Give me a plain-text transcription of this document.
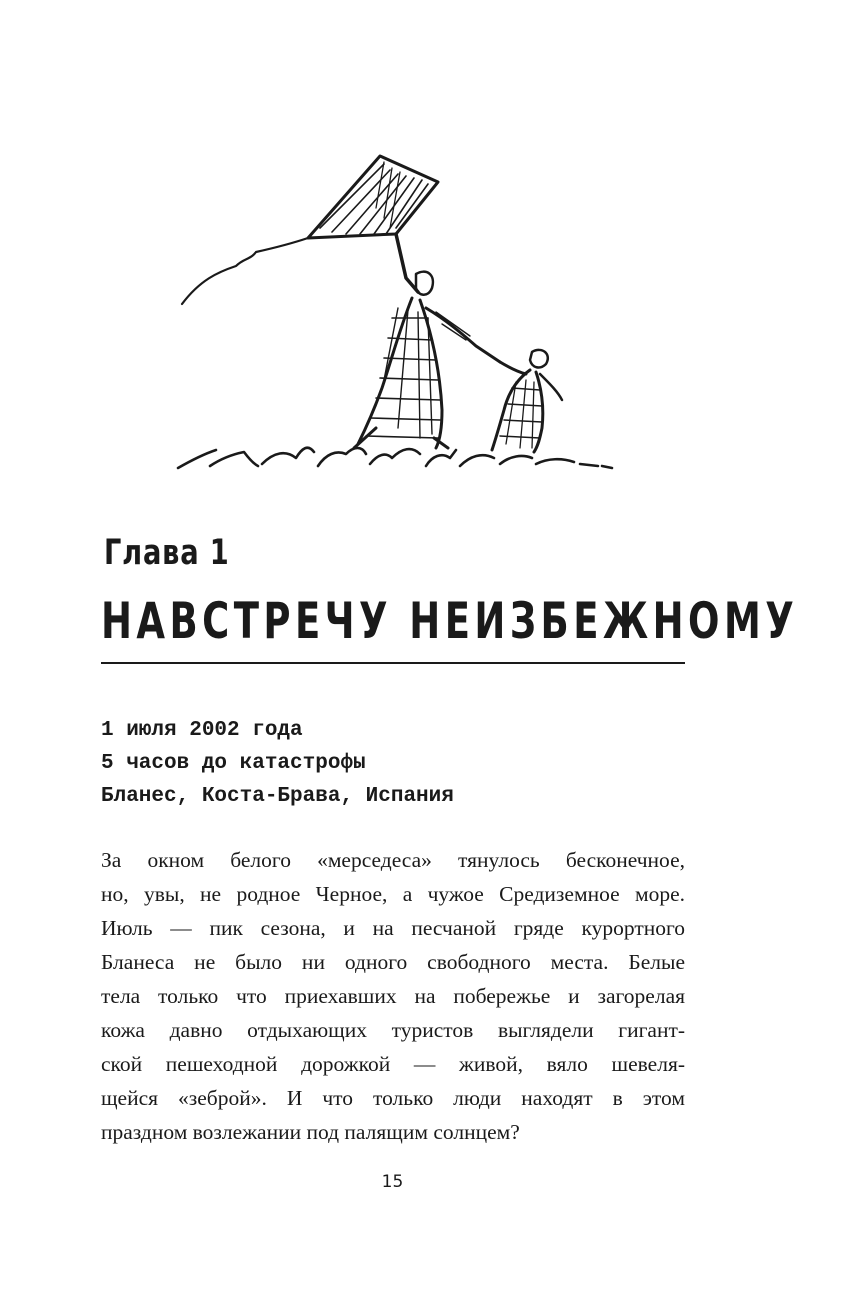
Глава 1
НАВСТРЕЧУ НЕИЗБЕЖНОМУ
1 июля 2002 года
5 часов до катастрофы
Бланес, Коста-Брава, Испания
За окном белого «мерседеса» тянулось бесконечное,
но, увы, не родное Черное, а чужое Средиземное море.
Июль — пик сезона, и на песчаной гряде курортного
Бланеса не было ни одного свободного места. Белые
тела только что приехавших на побережье и загорелая
кожа давно отдыхающих туристов выглядели гигант-
ской пешеходной дорожкой — живой, вяло шевеля-
щейся «зеброй». И что только люди находят в этом
праздном возлежании под палящим солнцем?
15
